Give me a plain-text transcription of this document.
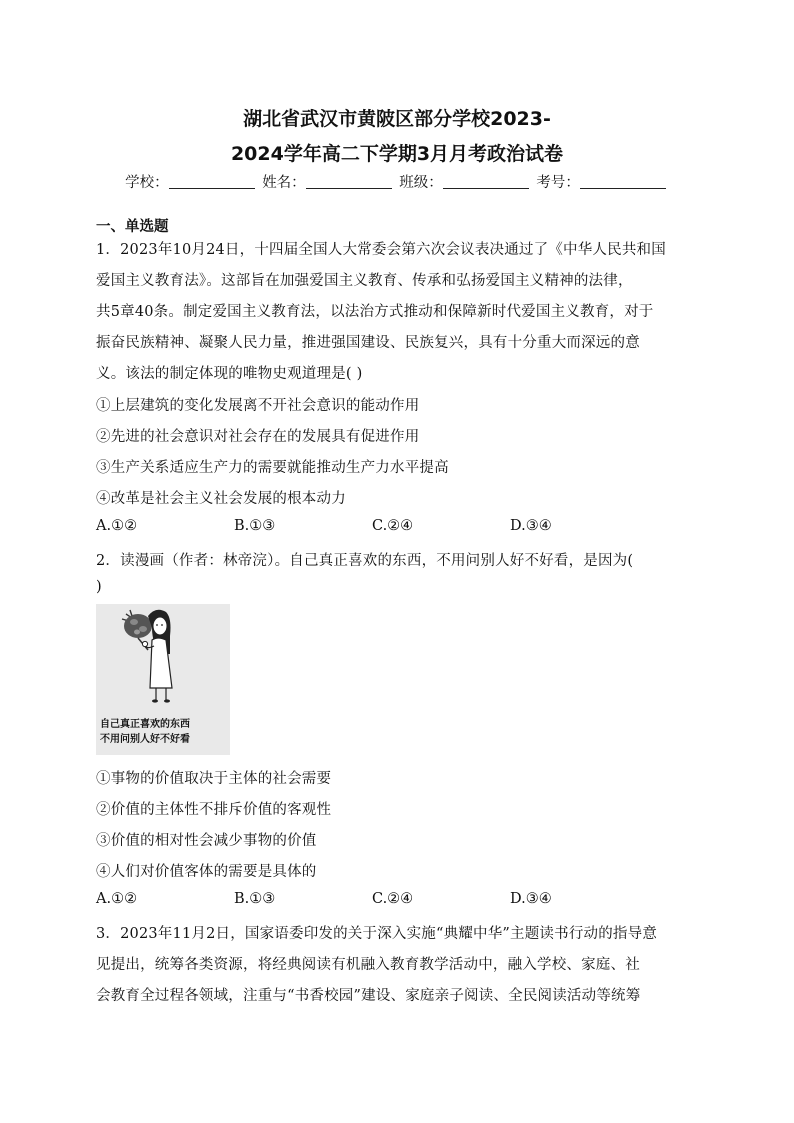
湖北省武汉市黄陂区部分学校2023-
2024学年高二下学期3月月考政治试卷
学校：	姓名：	班级：	考号：
一、单选题
1．2023年10月24日，十四届全国人大常委会第六次会议表决通过了《中华人民共和国
爱国主义教育法》。这部旨在加强爱国主义教育、传承和弘扬爱国主义精神的法律，
共5章40条。制定爱国主义教育法，以法治方式推动和保障新时代爱国主义教育，对于
振奋民族精神、凝聚人民力量，推进强国建设、民族复兴，具有十分重大而深远的意
义。该法的制定体现的唯物史观道理是( )
①上层建筑的变化发展离不开社会意识的能动作用
②先进的社会意识对社会存在的发展具有促进作用
③生产关系适应生产力的需要就能推动生产力水平提高
④改革是社会主义社会发展的根本动力
A.①②	B.①③	C.②④	D.③④
2．读漫画（作者：林帝浣）。自己真正喜欢的东西，不用问别人好不好看，是因为(
)
自己真正喜欢的东西
不用问别人好不好看
①事物的价值取决于主体的社会需要
②价值的主体性不排斥价值的客观性
③价值的相对性会减少事物的价值
④人们对价值客体的需要是具体的
A.①②	B.①③	C.②④	D.③④
3．2023年11月2日，国家语委印发的关于深入实施“典耀中华”主题读书行动的指导意
见提出，统筹各类资源，将经典阅读有机融入教育教学活动中，融入学校、家庭、社
会教育全过程各领域，注重与“书香校园”建设、家庭亲子阅读、全民阅读活动等统筹
